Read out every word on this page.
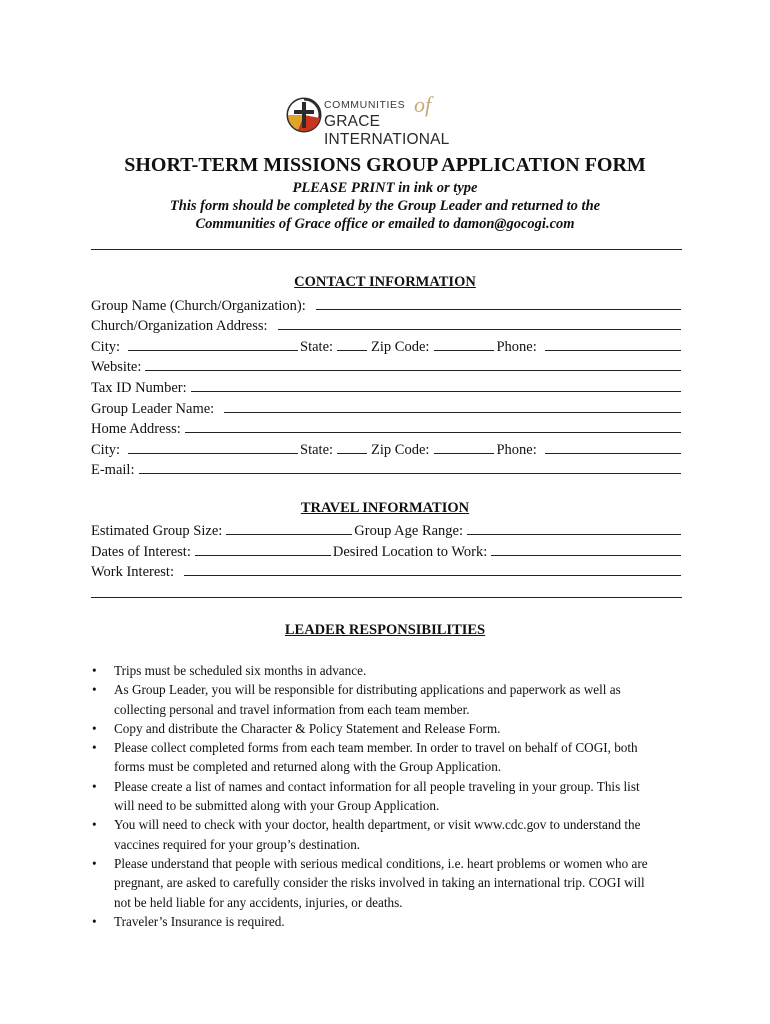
COMMUNITIES of
GRACE INTERNATIONAL
SHORT-TERM MISSIONS GROUP APPLICATION FORM
PLEASE PRINT in ink or type
This form should be completed by the Group Leader and returned to the
Communities of Grace office or emailed to damon@gocogi.com
CONTACT INFORMATION
Group Name (Church/Organization):
Church/Organization Address:
City:	State:	Zip Code:	Phone:
Website:
Tax ID Number:
Group Leader Name:
Home Address:
City:	State:	Zip Code:	Phone:
E-mail:
TRAVEL INFORMATION
Estimated Group Size:	Group Age Range:
Dates of Interest:	Desired Location to Work:
Work Interest:
LEADER RESPONSIBILITIES
• Trips must be scheduled six months in advance.
• As Group Leader, you will be responsible for distributing applications and paperwork as well as
collecting personal and travel information from each team member.
• Copy and distribute the Character & Policy Statement and Release Form.
• Please collect completed forms from each team member. In order to travel on behalf of COGI, both
forms must be completed and returned along with the Group Application.
• Please create a list of names and contact information for all people traveling in your group. This list
will need to be submitted along with your Group Application.
• You will need to check with your doctor, health department, or visit www.cdc.gov to understand the
vaccines required for your group’s destination.
• Please understand that people with serious medical conditions, i.e. heart problems or women who are
pregnant, are asked to carefully consider the risks involved in taking an international trip. COGI will
not be held liable for any accidents, injuries, or deaths.
• Traveler’s Insurance is required.
